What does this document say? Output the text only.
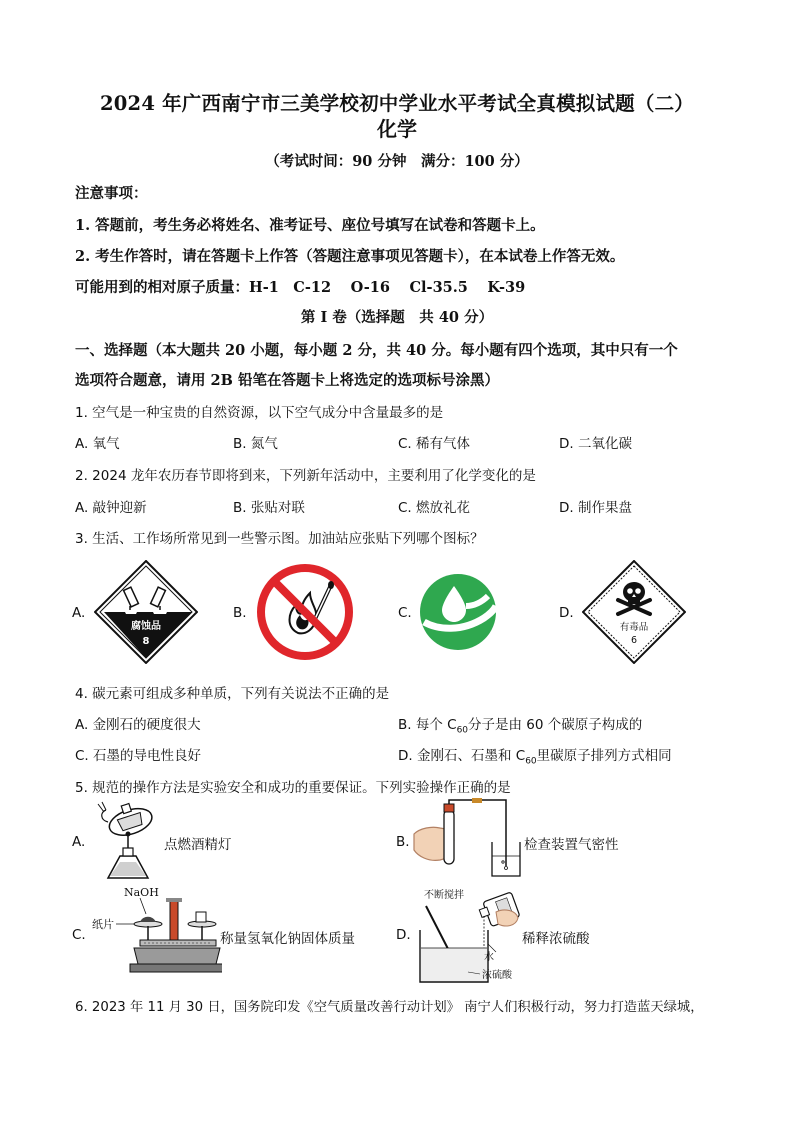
2024 年广西南宁市三美学校初中学业水平考试全真模拟试题（二）
化学
（考试时间：90 分钟　满分：100 分）
注意事项：
1. 答题前，考生务必将姓名、准考证号、座位号填写在试卷和答题卡上。
2. 考生作答时，请在答题卡上作答（答题注意事项见答题卡），在本试卷上作答无效。
可能用到的相对原子质量：H-1　C-12　 O-16　 Cl-35.5　 K-39
第 I 卷（选择题　共 40 分）
一、选择题（本大题共 20 小题，每小题 2 分，共 40 分。每小题有四个选项，其中只有一个
选项符合题意，请用 2B 铅笔在答题卡上将选定的选项标号涂黑）
1. 空气是一种宝贵的自然资源，以下空气成分中含量最多的是
A. 氧气	B. 氮气	C. 稀有气体	D. 二氧化碳
2. 2024 龙年农历春节即将到来，下列新年活动中，主要利用了化学变化的是
A. 敲钟迎新	B. 张贴对联	C. 燃放礼花	D. 制作果盘
3. 生活、工作场所常见到一些警示图。加油站应张贴下列哪个图标？
A.
腐蚀品
8
B.	C.	D.
有毒品
6
4. 碳元素可组成多种单质，下列有关说法不正确的是
A. 金刚石的硬度很大	B. 每个 $C_{60}$分子是由 60 个碳原子构成的
C. 石墨的导电性良好	D. 金刚石、石墨和 $C_{60}$里碳原子排列方式相同
5. 规范的操作方法是实验安全和成功的重要保证。下列实验操作正确的是
A.	点燃酒精灯	B.	检查装置气密性
C.
NaOH
纸片
称量氢氧化钠固体质量	D.
不断搅拌
水
浓硫酸
稀释浓硫酸
6. 2023 年 11 月 30 日，国务院印发《空气质量改善行动计划》 南宁人们积极行动，努力打造蓝天绿城，
